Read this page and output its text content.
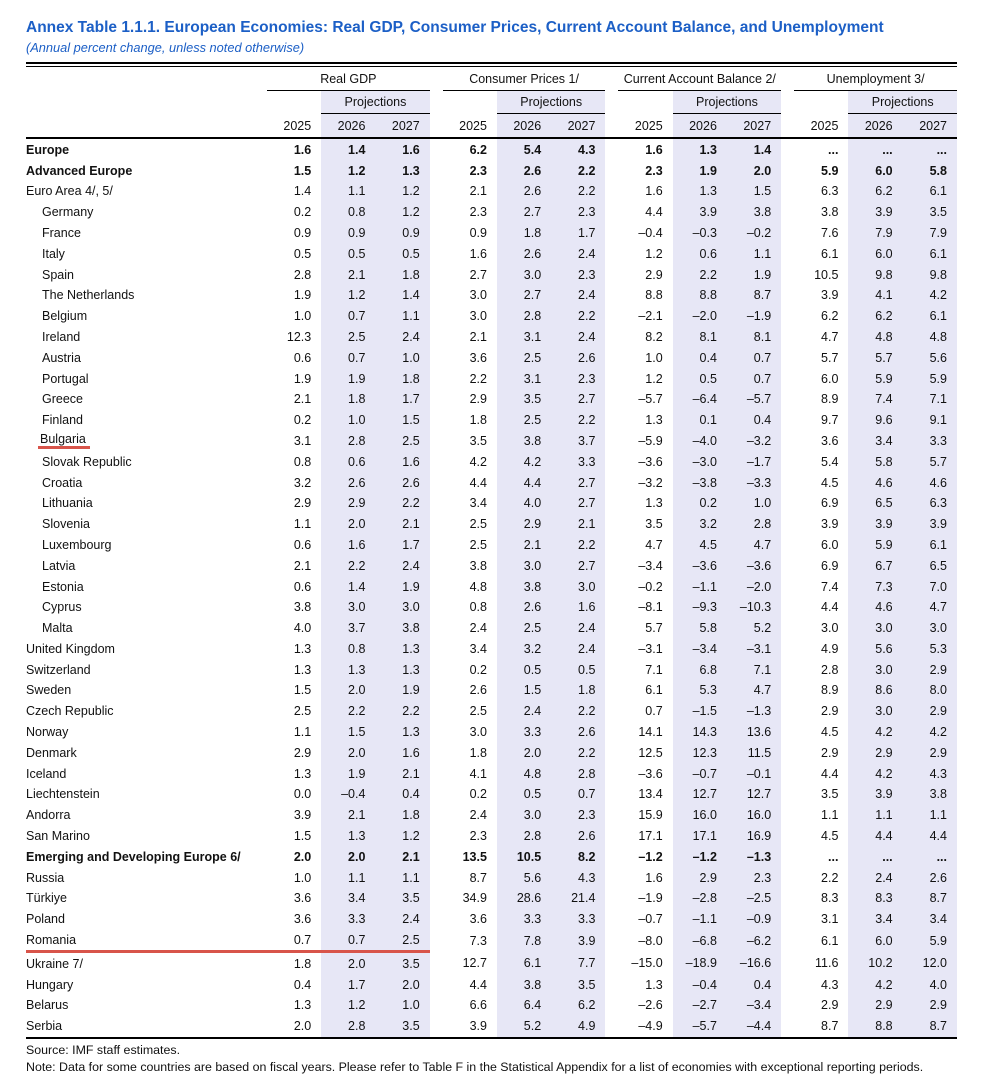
Annex Table 1.1.1. European Economies: Real GDP, Consumer Prices, Current Account Balance, and Unemployment
(Annual percent change, unless noted otherwise)
	Real GDP				Consumer Prices 1/				Current Account Balance 2/				Unemployment 3/		
		Projections				Projections				Projections				Projections	
	2025	2026	2027		2025	2026	2027		2025	2026	2027		2025	2026	2027
Europe	1.6	1.4	1.6		6.2	5.4	4.3		1.6	1.3	1.4		...	...	...
Advanced Europe	1.5	1.2	1.3		2.3	2.6	2.2		2.3	1.9	2.0		5.9	6.0	5.8
Euro Area 4/, 5/	1.4	1.1	1.2		2.1	2.6	2.2		1.6	1.3	1.5		6.3	6.2	6.1
Germany	0.2	0.8	1.2		2.3	2.7	2.3		4.4	3.9	3.8		3.8	3.9	3.5
France	0.9	0.9	0.9		0.9	1.8	1.7		–0.4	–0.3	–0.2		7.6	7.9	7.9
Italy	0.5	0.5	0.5		1.6	2.6	2.4		1.2	0.6	1.1		6.1	6.0	6.1
Spain	2.8	2.1	1.8		2.7	3.0	2.3		2.9	2.2	1.9		10.5	9.8	9.8
The Netherlands	1.9	1.2	1.4		3.0	2.7	2.4		8.8	8.8	8.7		3.9	4.1	4.2
Belgium	1.0	0.7	1.1		3.0	2.8	2.2		–2.1	–2.0	–1.9		6.2	6.2	6.1
Ireland	12.3	2.5	2.4		2.1	3.1	2.4		8.2	8.1	8.1		4.7	4.8	4.8
Austria	0.6	0.7	1.0		3.6	2.5	2.6		1.0	0.4	0.7		5.7	5.7	5.6
Portugal	1.9	1.9	1.8		2.2	3.1	2.3		1.2	0.5	0.7		6.0	5.9	5.9
Greece	2.1	1.8	1.7		2.9	3.5	2.7		–5.7	–6.4	–5.7		8.9	7.4	7.1
Finland	0.2	1.0	1.5		1.8	2.5	2.2		1.3	0.1	0.4		9.7	9.6	9.1
Bulgaria	3.1	2.8	2.5		3.5	3.8	3.7		–5.9	–4.0	–3.2		3.6	3.4	3.3
Slovak Republic	0.8	0.6	1.6		4.2	4.2	3.3		–3.6	–3.0	–1.7		5.4	5.8	5.7
Croatia	3.2	2.6	2.6		4.4	4.4	2.7		–3.2	–3.8	–3.3		4.5	4.6	4.6
Lithuania	2.9	2.9	2.2		3.4	4.0	2.7		1.3	0.2	1.0		6.9	6.5	6.3
Slovenia	1.1	2.0	2.1		2.5	2.9	2.1		3.5	3.2	2.8		3.9	3.9	3.9
Luxembourg	0.6	1.6	1.7		2.5	2.1	2.2		4.7	4.5	4.7		6.0	5.9	6.1
Latvia	2.1	2.2	2.4		3.8	3.0	2.7		–3.4	–3.6	–3.6		6.9	6.7	6.5
Estonia	0.6	1.4	1.9		4.8	3.8	3.0		–0.2	–1.1	–2.0		7.4	7.3	7.0
Cyprus	3.8	3.0	3.0		0.8	2.6	1.6		–8.1	–9.3	–10.3		4.4	4.6	4.7
Malta	4.0	3.7	3.8		2.4	2.5	2.4		5.7	5.8	5.2		3.0	3.0	3.0
United Kingdom	1.3	0.8	1.3		3.4	3.2	2.4		–3.1	–3.4	–3.1		4.9	5.6	5.3
Switzerland	1.3	1.3	1.3		0.2	0.5	0.5		7.1	6.8	7.1		2.8	3.0	2.9
Sweden	1.5	2.0	1.9		2.6	1.5	1.8		6.1	5.3	4.7		8.9	8.6	8.0
Czech Republic	2.5	2.2	2.2		2.5	2.4	2.2		0.7	–1.5	–1.3		2.9	3.0	2.9
Norway	1.1	1.5	1.3		3.0	3.3	2.6		14.1	14.3	13.6		4.5	4.2	4.2
Denmark	2.9	2.0	1.6		1.8	2.0	2.2		12.5	12.3	11.5		2.9	2.9	2.9
Iceland	1.3	1.9	2.1		4.1	4.8	2.8		–3.6	–0.7	–0.1		4.4	4.2	4.3
Liechtenstein	0.0	–0.4	0.4		0.2	0.5	0.7		13.4	12.7	12.7		3.5	3.9	3.8
Andorra	3.9	2.1	1.8		2.4	3.0	2.3		15.9	16.0	16.0		1.1	1.1	1.1
San Marino	1.5	1.3	1.2		2.3	2.8	2.6		17.1	17.1	16.9		4.5	4.4	4.4
Emerging and Developing Europe 6/	2.0	2.0	2.1		13.5	10.5	8.2		–1.2	–1.2	–1.3		...	...	...
Russia	1.0	1.1	1.1		8.7	5.6	4.3		1.6	2.9	2.3		2.2	2.4	2.6
Türkiye	3.6	3.4	3.5		34.9	28.6	21.4		–1.9	–2.8	–2.5		8.3	8.3	8.7
Poland	3.6	3.3	2.4		3.6	3.3	3.3		–0.7	–1.1	–0.9		3.1	3.4	3.4
Romania	0.7	0.7	2.5		7.3	7.8	3.9		–8.0	–6.8	–6.2		6.1	6.0	5.9
Ukraine 7/	1.8	2.0	3.5		12.7	6.1	7.7		–15.0	–18.9	–16.6		11.6	10.2	12.0
Hungary	0.4	1.7	2.0		4.4	3.8	3.5		1.3	–0.4	0.4		4.3	4.2	4.0
Belarus	1.3	1.2	1.0		6.6	6.4	6.2		–2.6	–2.7	–3.4		2.9	2.9	2.9
Serbia	2.0	2.8	3.5		3.9	5.2	4.9		–4.9	–5.7	–4.4		8.7	8.8	8.7
Source: IMF staff estimates.
Note: Data for some countries are based on fiscal years. Please refer to Table F in the Statistical Appendix for a list of economies with exceptional reporting periods.
